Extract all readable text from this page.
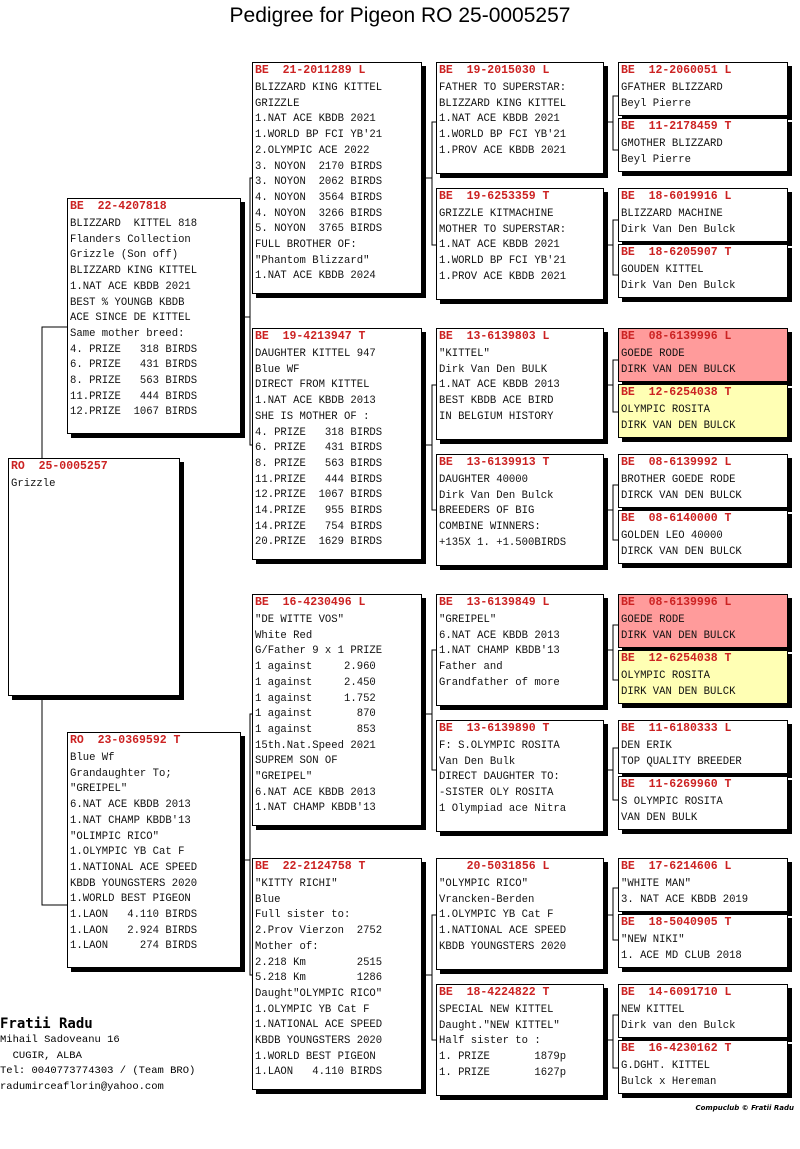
Pedigree for Pigeon RO 25-0005257
RO  25-0005257
Grizzle
BE  22-4207818
BLIZZARD  KITTEL 818
Flanders Collection
Grizzle (Son off)
BLIZZARD KING KITTEL
1.NAT ACE KBDB 2021
BEST % YOUNGB KBDB
ACE SINCE DE KITTEL
Same mother breed:
4. PRIZE   318 BIRDS
6. PRIZE   431 BIRDS
8. PRIZE   563 BIRDS
11.PRIZE   444 BIRDS
12.PRIZE  1067 BIRDS
RO  23-0369592 T
Blue Wf
Grandaughter To;
"GREIPEL"
6.NAT ACE KBDB 2013
1.NAT CHAMP KBDB'13
"OLIMPIC RICO"
1.OLYMPIC YB Cat F
1.NATIONAL ACE SPEED
KBDB YOUNGSTERS 2020
1.WORLD BEST PIGEON
1.LAON   4.110 BIRDS
1.LAON   2.924 BIRDS
1.LAON     274 BIRDS
BE  21-2011289 L
BLIZZARD KING KITTEL
GRIZZLE
1.NAT ACE KBDB 2021
1.WORLD BP FCI YB'21
2.OLYMPIC ACE 2022
3. NOYON  2170 BIRDS
3. NOYON  2062 BIRDS
4. NOYON  3564 BIRDS
4. NOYON  3266 BIRDS
5. NOYON  3765 BIRDS
FULL BROTHER OF:
"Phantom Blizzard"
1.NAT ACE KBDB 2024
BE  19-4213947 T
DAUGHTER KITTEL 947
Blue WF
DIRECT FROM KITTEL
1.NAT ACE KBDB 2013
SHE IS MOTHER OF :
4. PRIZE   318 BIRDS
6. PRIZE   431 BIRDS
8. PRIZE   563 BIRDS
11.PRIZE   444 BIRDS
12.PRIZE  1067 BIRDS
14.PRIZE   955 BIRDS
14.PRIZE   754 BIRDS
20.PRIZE  1629 BIRDS
BE  16-4230496 L
"DE WITTE VOS"
White Red
G/Father 9 x 1 PRIZE
1 against     2.960
1 against     2.450
1 against     1.752
1 against       870
1 against       853
15th.Nat.Speed 2021
SUPREM SON OF
"GREIPEL"
6.NAT ACE KBDB 2013
1.NAT CHAMP KBDB'13
BE  22-2124758 T
"KITTY RICHI"
Blue
Full sister to:
2.Prov Vierzon  2752
Mother of:
2.218 Km        2515
5.218 Km        1286
Daught"OLYMPIC RICO"
1.OLYMPIC YB Cat F
1.NATIONAL ACE SPEED
KBDB YOUNGSTERS 2020
1.WORLD BEST PIGEON
1.LAON   4.110 BIRDS
BE  19-2015030 L
FATHER TO SUPERSTAR:
BLIZZARD KING KITTEL
1.NAT ACE KBDB 2021
1.WORLD BP FCI YB'21
1.PROV ACE KBDB 2021
BE  19-6253359 T
GRIZZLE KITMACHINE
MOTHER TO SUPERSTAR:
1.NAT ACE KBDB 2021
1.WORLD BP FCI YB'21
1.PROV ACE KBDB 2021
BE  13-6139803 L
"KITTEL"
Dirk Van Den BULK
1.NAT ACE KBDB 2013
BEST KBDB ACE BIRD
IN BELGIUM HISTORY
BE  13-6139913 T
DAUGHTER 40000
Dirk Van Den Bulck
BREEDERS OF BIG
COMBINE WINNERS:
+135X 1. +1.500BIRDS
BE  13-6139849 L
"GREIPEL"
6.NAT ACE KBDB 2013
1.NAT CHAMP KBDB'13
Father and
Grandfather of more
BE  13-6139890 T
F: S.OLYMPIC ROSITA
Van Den Bulk
DIRECT DAUGHTER TO:
-SISTER OLY ROSITA
1 Olympiad ace Nitra
20-5031856 L
"OLYMPIC RICO"
Vrancken-Berden
1.OLYMPIC YB Cat F
1.NATIONAL ACE SPEED
KBDB YOUNGSTERS 2020
BE  18-4224822 T
SPECIAL NEW KITTEL
Daught."NEW KITTEL"
Half sister to :
1. PRIZE       1879p
1. PRIZE       1627p
BE  12-2060051 L
GFATHER BLIZZARD
Beyl Pierre
BE  11-2178459 T
GMOTHER BLIZZARD
Beyl Pierre
BE  18-6019916 L
BLIZZARD MACHINE
Dirk Van Den Bulck
BE  18-6205907 T
GOUDEN KITTEL
Dirk Van Den Bulck
BE  08-6139996 L
GOEDE RODE
DIRK VAN DEN BULCK
BE  12-6254038 T
OLYMPIC ROSITA
DIRK VAN DEN BULCK
BE  08-6139992 L
BROTHER GOEDE RODE
DIRCK VAN DEN BULCK
BE  08-6140000 T
GOLDEN LEO 40000
DIRCK VAN DEN BULCK
BE  08-6139996 L
GOEDE RODE
DIRK VAN DEN BULCK
BE  12-6254038 T
OLYMPIC ROSITA
DIRK VAN DEN BULCK
BE  11-6180333 L
DEN ERIK
TOP QUALITY BREEDER
BE  11-6269960 T
S OLYMPIC ROSITA
VAN DEN BULK
BE  17-6214606 L
"WHITE MAN"
3. NAT ACE KBDB 2019
BE  18-5040905 T
"NEW NIKI"
1. ACE MD CLUB 2018
BE  14-6091710 L
NEW KITTEL
Dirk van den Bulck
BE  16-4230162 T
G.DGHT. KITTEL
Bulck x Hereman
Fratii Radu
Mihail Sadoveanu 16
CUGIR, ALBA
Tel: 0040773774303 / (Team BRO)
radumirceaflorin@yahoo.com
Compuclub © Fratii Radu
